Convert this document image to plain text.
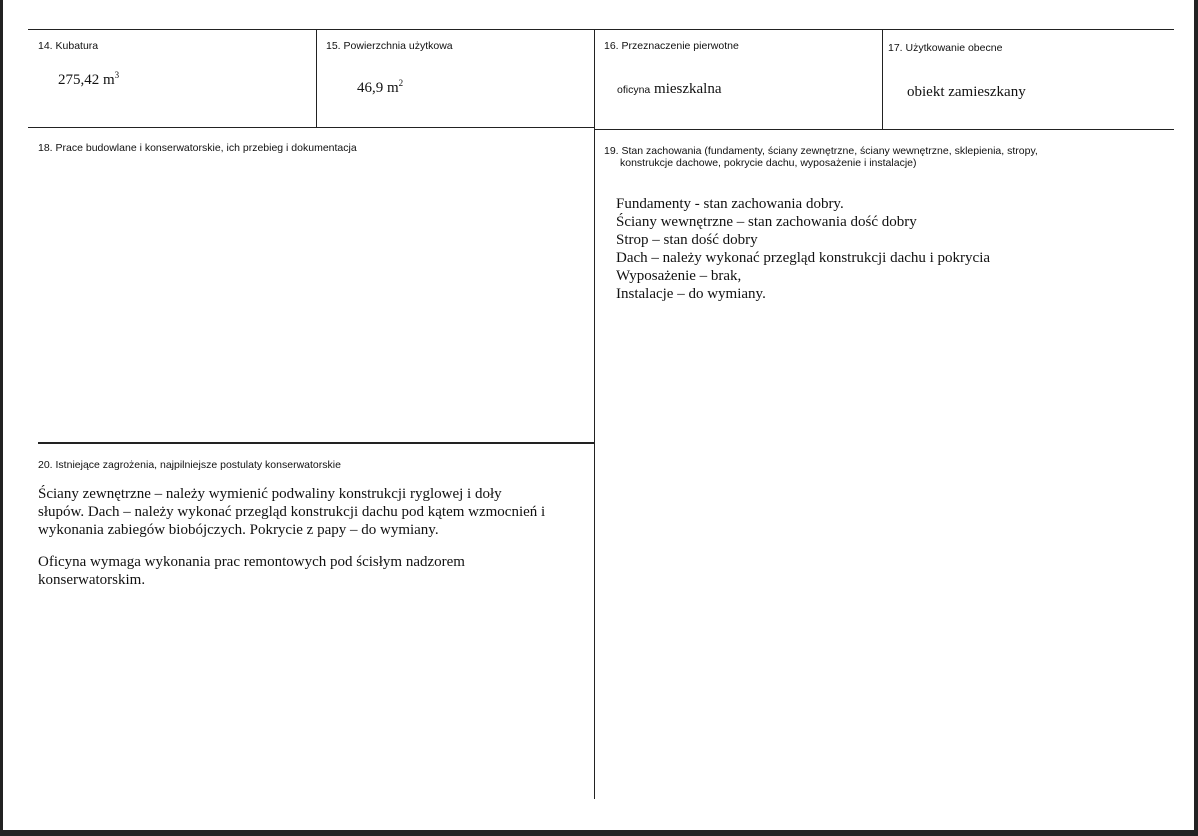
14. Kubatura
275,42 $m^3$
15. Powierzchnia użytkowa
46,9 $m^2$
16. Przeznaczenie pierwotne
oficyna mieszkalna
17. Użytkowanie obecne
obiekt zamieszkany
18. Prace budowlane i konserwatorskie, ich przebieg i dokumentacja	19. Stan zachowania (fundamenty, ściany zewnętrzne, ściany wewnętrzne, sklepienia, stropy,
konstrukcje dachowe, pokrycie dachu, wyposażenie i instalacje)
Fundamenty - stan zachowania dobry.
Ściany wewnętrzne – stan zachowania dość dobry
Strop – stan dość dobry
Dach – należy wykonać przegląd konstrukcji dachu i pokrycia
Wyposażenie – brak,
Instalacje – do wymiany.
20. Istniejące zagrożenia, najpilniejsze postulaty konserwatorskie
Ściany zewnętrzne – należy wymienić podwaliny konstrukcji ryglowej i doły
słupów. Dach – należy wykonać przegląd konstrukcji dachu pod kątem wzmocnień i
wykonania zabiegów biobójczych. Pokrycie z papy – do wymiany.
Oficyna wymaga wykonania prac remontowych pod ścisłym nadzorem
konserwatorskim.
